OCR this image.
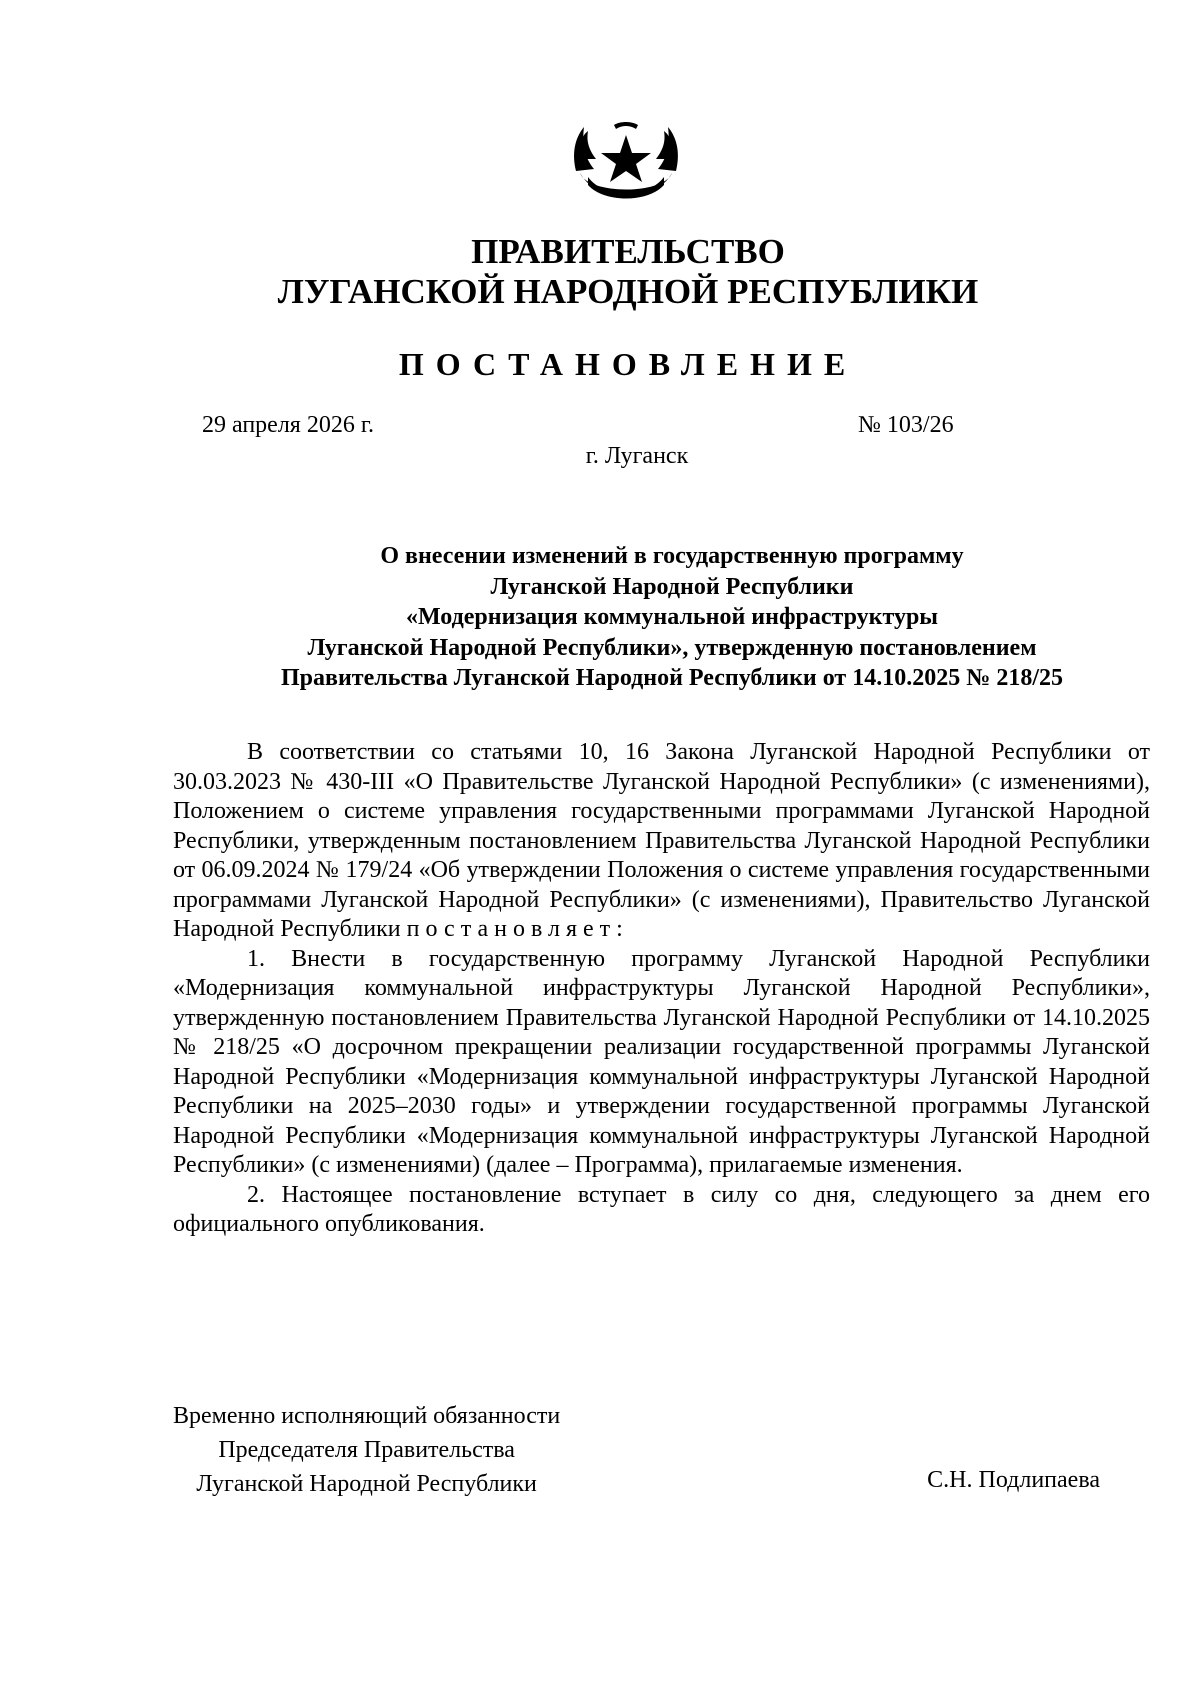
ПРАВИТЕЛЬСТВО
ЛУГАНСКОЙ НАРОДНОЙ РЕСПУБЛИКИ
ПОСТАНОВЛЕНИЕ
29 апреля 2026 г.	№ 103/26
г. Луганск
О внесении изменений в государственную программу
Луганской Народной Республики
«Модернизация коммунальной инфраструктуры
Луганской Народной Республики», утвержденную постановлением
Правительства Луганской Народной Республики от 14.10.2025 № 218/25

В соответствии со статьями 10, 16 Закона Луганской Народной Республики от 30.03.2023 № 430-III «О Правительстве Луганской Народной Республики» (с изменениями), Положением о системе управления государственными программами Луганской Народной Республики, утвержденным постановлением Правительства Луганской Народной Республики от 06.09.2024 № 179/24 «Об утверждении Положения о системе управления государственными программами Луганской Народной Республики» (с изменениями), Правительство Луганской Народной Республики постановляет:

1. Внести в государственную программу Луганской Народной Республики «Модернизация коммунальной инфраструктуры Луганской Народной Республики», утвержденную постановлением Правительства Луганской Народной Республики от 14.10.2025 № 218/25 «О досрочном прекращении реализации государственной программы Луганской Народной Республики «Модернизация коммунальной инфраструктуры Луганской Народной Республики на 2025–2030 годы» и утверждении государственной программы Луганской Народной Республики «Модернизация коммунальной инфраструктуры Луганской Народной Республики» (с изменениями) (далее – Программа), прилагаемые изменения.

2. Настоящее постановление вступает в силу со дня, следующего за днем его официального опубликования.

Временно исполняющий обязанности
Председателя Правительства
Луганской Народной Республики	С.Н. Подлипаева
